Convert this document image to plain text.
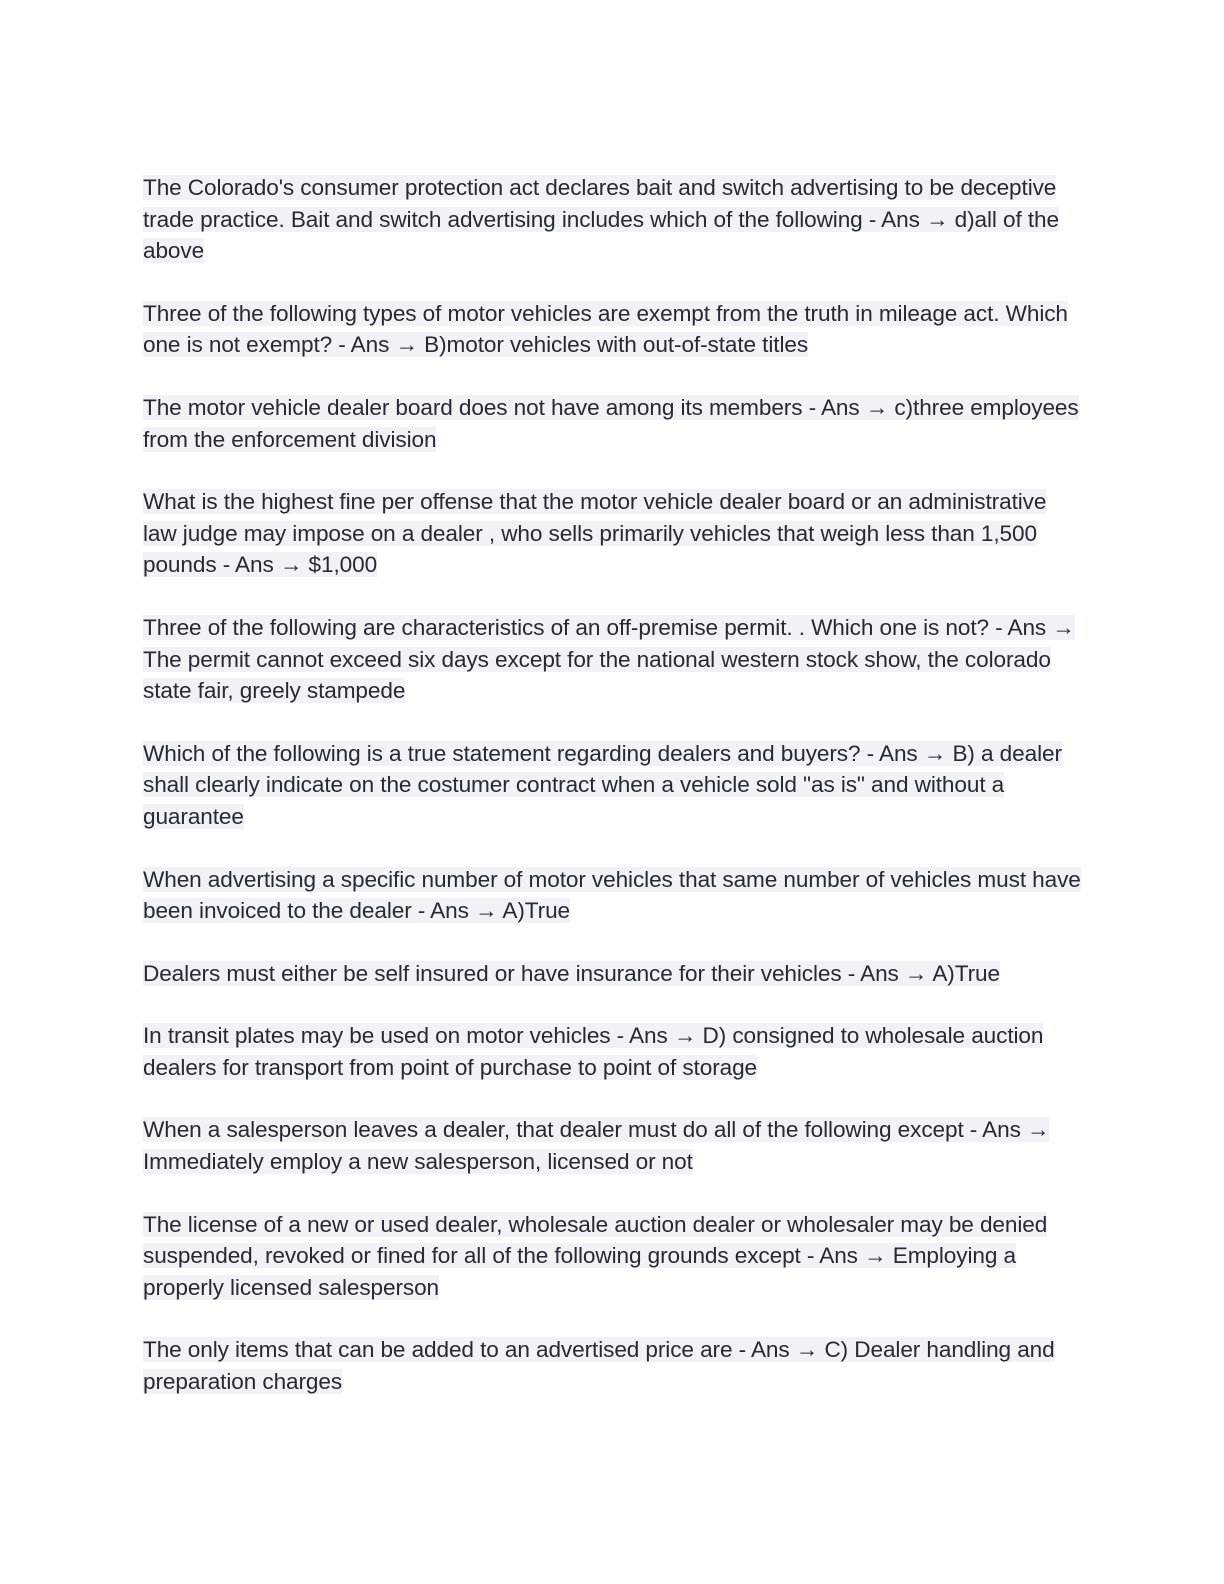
The Colorado's consumer protection act declares bait and switch advertising to be deceptive trade practice. Bait and switch advertising includes which of the following - Ans → d)all of the above

Three of the following types of motor vehicles are exempt from the truth in mileage act. Which one is not exempt? - Ans → B)motor vehicles with out-of-state titles

The motor vehicle dealer board does not have among its members - Ans → c)three employees from the enforcement division

What is the highest fine per offense that the motor vehicle dealer board or an administrative law judge may impose on a dealer , who sells primarily vehicles that weigh less than 1,500 pounds - Ans → $1,000

Three of the following are characteristics of an off-premise permit. . Which one is not? - Ans → The permit cannot exceed six days except for the national western stock show, the colorado state fair, greely stampede

Which of the following is a true statement regarding dealers and buyers? - Ans → B) a dealer shall clearly indicate on the costumer contract when a vehicle sold "as is" and without a guarantee

When advertising a specific number of motor vehicles that same number of vehicles must have been invoiced to the dealer - Ans → A)True

Dealers must either be self insured or have insurance for their vehicles - Ans → A)True

In transit plates may be used on motor vehicles - Ans → D) consigned to wholesale auction dealers for transport from point of purchase to point of storage

When a salesperson leaves a dealer, that dealer must do all of the following except - Ans → Immediately employ a new salesperson, licensed or not

The license of a new or used dealer, wholesale auction dealer or wholesaler may be denied suspended, revoked or fined for all of the following grounds except - Ans → Employing a properly licensed salesperson

The only items that can be added to an advertised price are - Ans → C) Dealer handling and preparation charges
